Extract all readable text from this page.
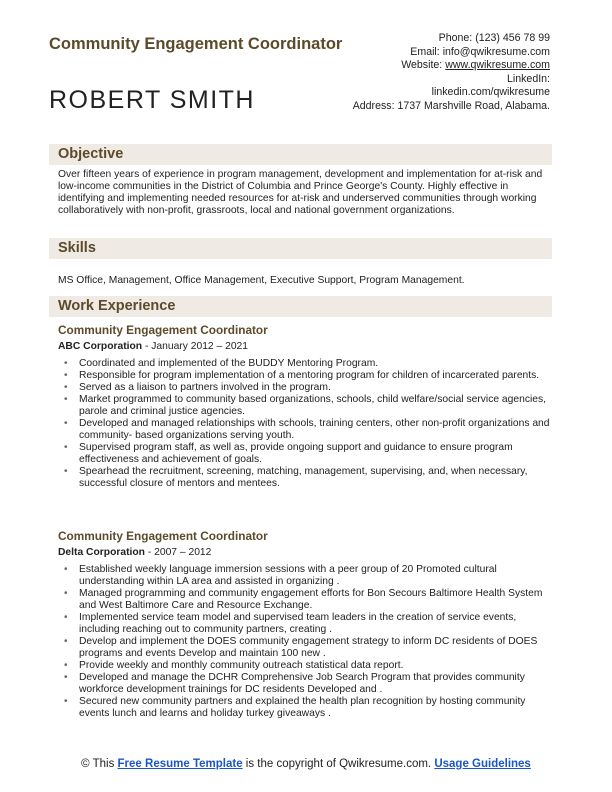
Community Engagement Coordinator
ROBERT SMITH
Phone: (123) 456 78 99
Email: info@qwikresume.com
Website: www.qwikresume.com
LinkedIn:
linkedin.com/qwikresume
Address: 1737 Marshville Road, Alabama.
Objective
Over fifteen years of experience in program management, development and implementation for at-risk and low-income communities in the District of Columbia and Prince George's County. Highly effective in identifying and implementing needed resources for at-risk and underserved communities through working collaboratively with non-profit, grassroots, local and national government organizations.
Skills
MS Office, Management, Office Management, Executive Support, Program Management.
Work Experience
Community Engagement Coordinator
ABC Corporation - January 2012 – 2021
• Coordinated and implemented of the BUDDY Mentoring Program.
• Responsible for program implementation of a mentoring program for children of incarcerated parents.
• Served as a liaison to partners involved in the program.
• Market programmed to community based organizations, schools, child welfare/social service agencies, parole and criminal justice agencies.
• Developed and managed relationships with schools, training centers, other non-profit organizations and community- based organizations serving youth.
• Supervised program staff, as well as, provide ongoing support and guidance to ensure program effectiveness and achievement of goals.
• Spearhead the recruitment, screening, matching, management, supervising, and, when necessary, successful closure of mentors and mentees.
Community Engagement Coordinator
Delta Corporation - 2007 – 2012
• Established weekly language immersion sessions with a peer group of 20 Promoted cultural understanding within LA area and assisted in organizing .
• Managed programming and community engagement efforts for Bon Secours Baltimore Health System and West Baltimore Care and Resource Exchange.
• Implemented service team model and supervised team leaders in the creation of service events, including reaching out to community partners, creating .
• Develop and implement the DOES community engagement strategy to inform DC residents of DOES programs and events Develop and maintain 100 new .
• Provide weekly and monthly community outreach statistical data report.
• Developed and manage the DCHR Comprehensive Job Search Program that provides community workforce development trainings for DC residents Developed and .
• Secured new community partners and explained the health plan recognition by hosting community events lunch and learns and holiday turkey giveaways .
© This Free Resume Template is the copyright of Qwikresume.com. Usage Guidelines
